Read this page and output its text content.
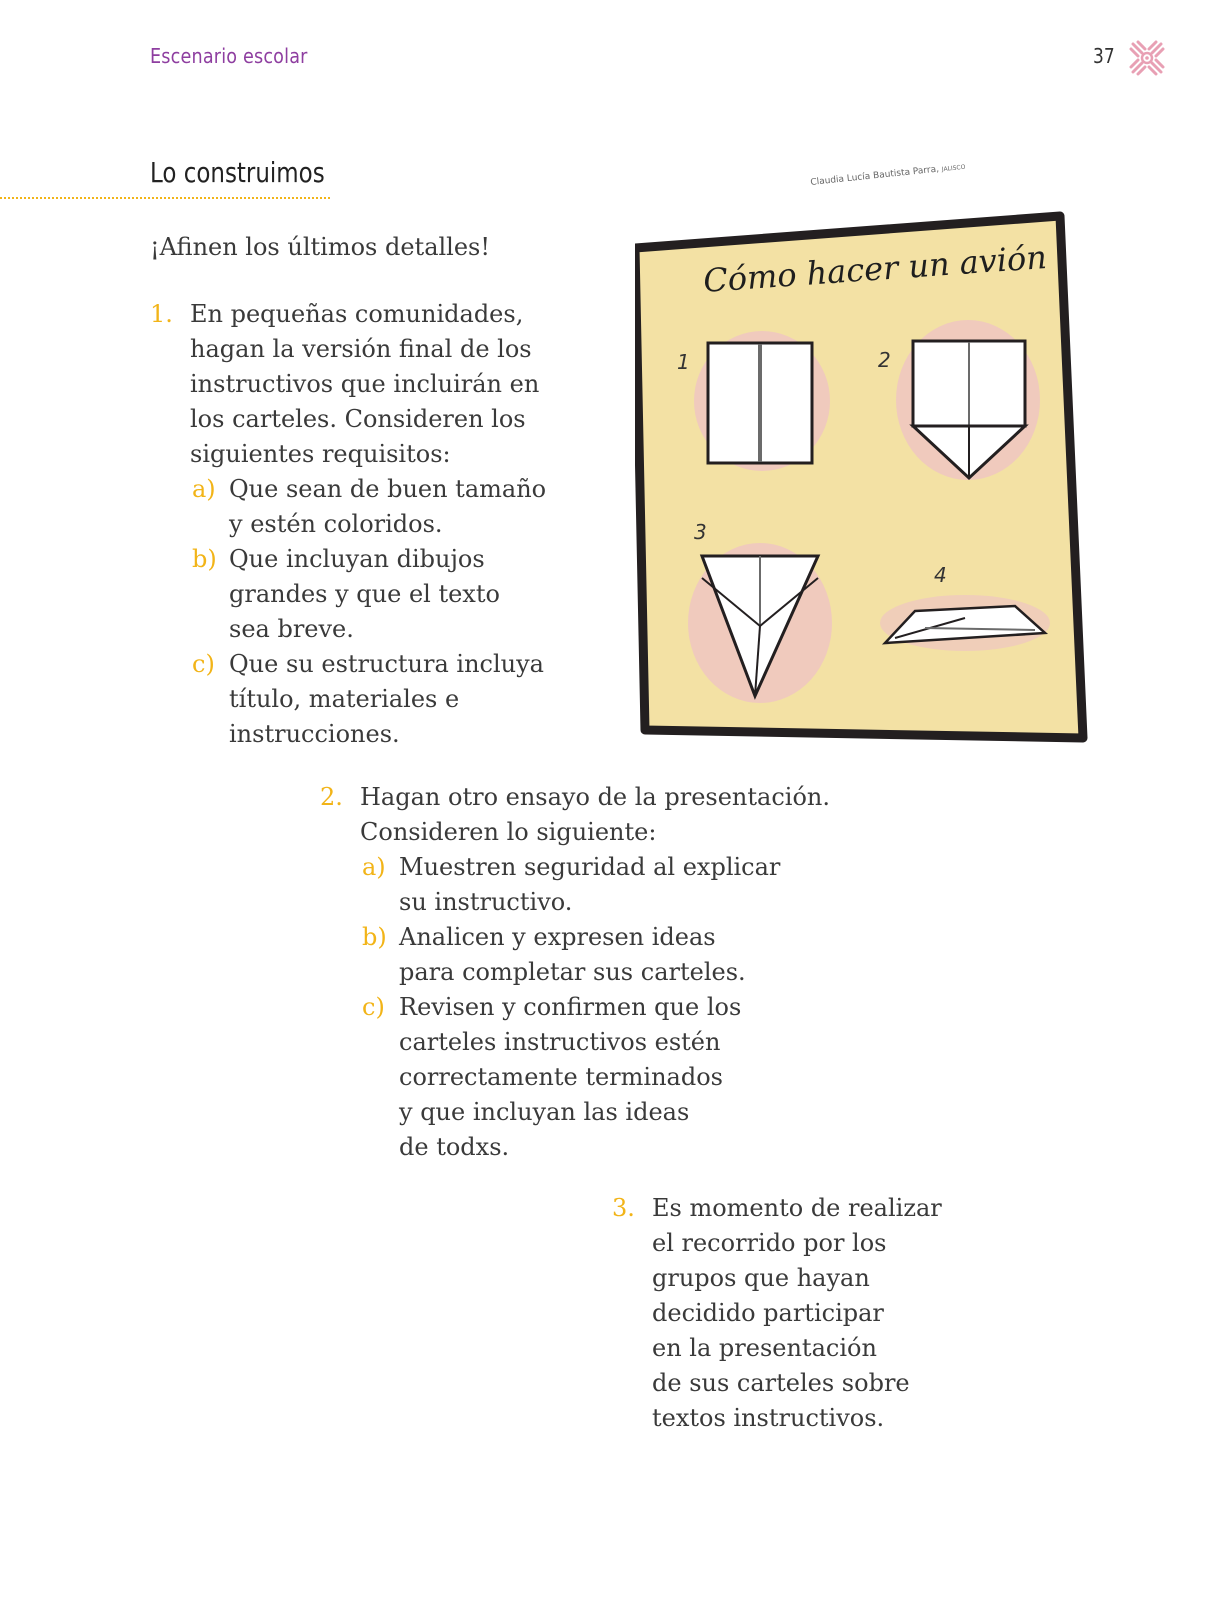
Escenario escolar	37
Lo construimos
¡Afinen los últimos detalles!
1. En pequeñas comunidades,
hagan la versión final de los
instructivos que incluirán en
los carteles. Consideren los
siguientes requisitos:
a) Que sean de buen tamaño
y estén coloridos.
b) Que incluyan dibujos
grandes y que el texto
sea breve.
c) Que su estructura incluya
título, materiales e
instrucciones.
2. Hagan otro ensayo de la presentación.
Consideren lo siguiente:
a) Muestren seguridad al explicar
su instructivo.
b) Analicen y expresen ideas
para completar sus carteles.
c) Revisen y confirmen que los
carteles instructivos estén
correctamente terminados
y que incluyan las ideas
de todxs.
3. Es momento de realizar
el recorrido por los
grupos que hayan
decidido participar
en la presentación
de sus carteles sobre
textos instructivos.
Claudia Lucía Bautista Parra, JALISCO
Cómo hacer un avión
1	2
3
4
